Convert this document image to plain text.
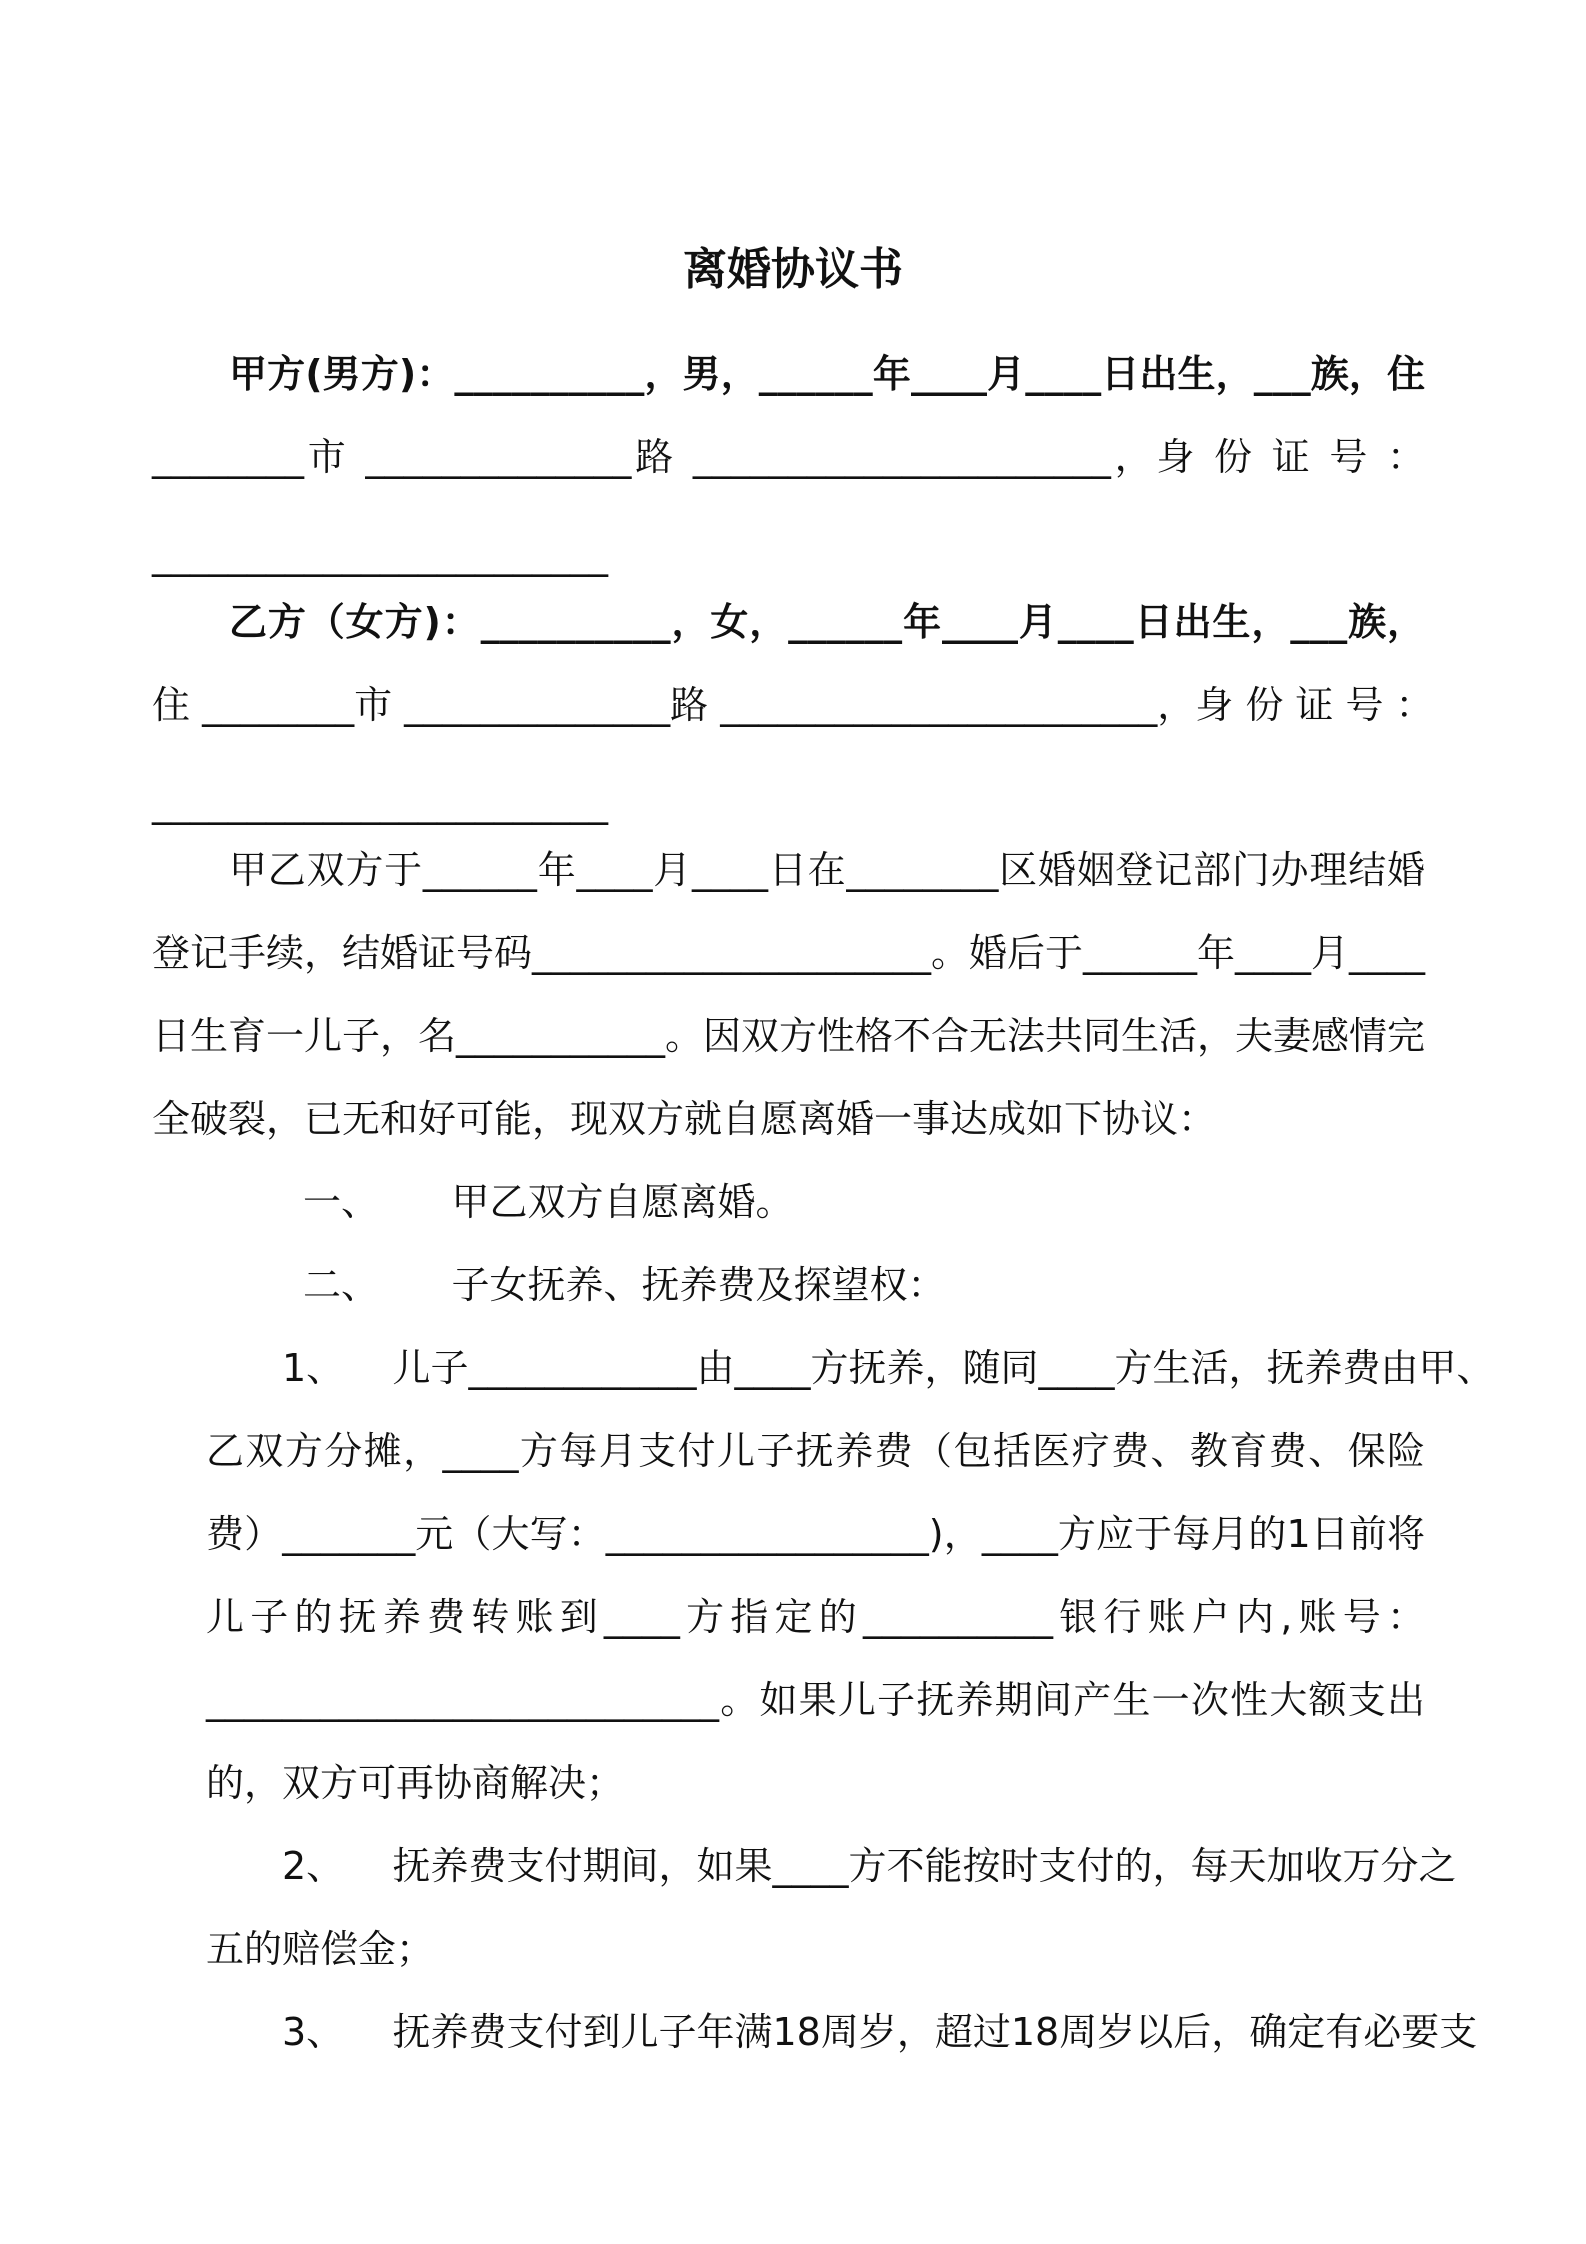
离婚协议书

甲方(男方)：__________，男，______年____月____日出生，___族，住

________市 ______________路 ______________________，身 份 证 号 ：

________________________

乙方（女方)：__________，女，______年____月____日出生，___族，

住 ________市 ______________路 _______________________，身 份 证 号 ：

________________________

甲乙双方于______年____月____日在________区婚姻登记部门办理结婚

登记手续，结婚证号码_____________________。婚后于______年____月____

日生育一儿子，名___________。因双方性格不合无法共同生活，夫妻感情完

全破裂，已无和好可能，现双方就自愿离婚一事达成如下协议：

一、      甲乙双方自愿离婚。

二、      子女抚养、抚养费及探望权：

1、    儿子____________由____方抚养，随同____方生活，抚养费由甲、

乙双方分摊，____方每月支付儿子抚养费（包括医疗费、教育费、保险

费）_______元（大写：_________________)，____方应于每月的1日前将

儿子的抚养费转账到____方指定的__________银行账户内,账号：

___________________________。如果儿子抚养期间产生一次性大额支出

的，双方可再协商解决；

2、    抚养费支付期间，如果____方不能按时支付的，每天加收万分之

五的赔偿金；

3、    抚养费支付到儿子年满18周岁，超过18周岁以后，确定有必要支
